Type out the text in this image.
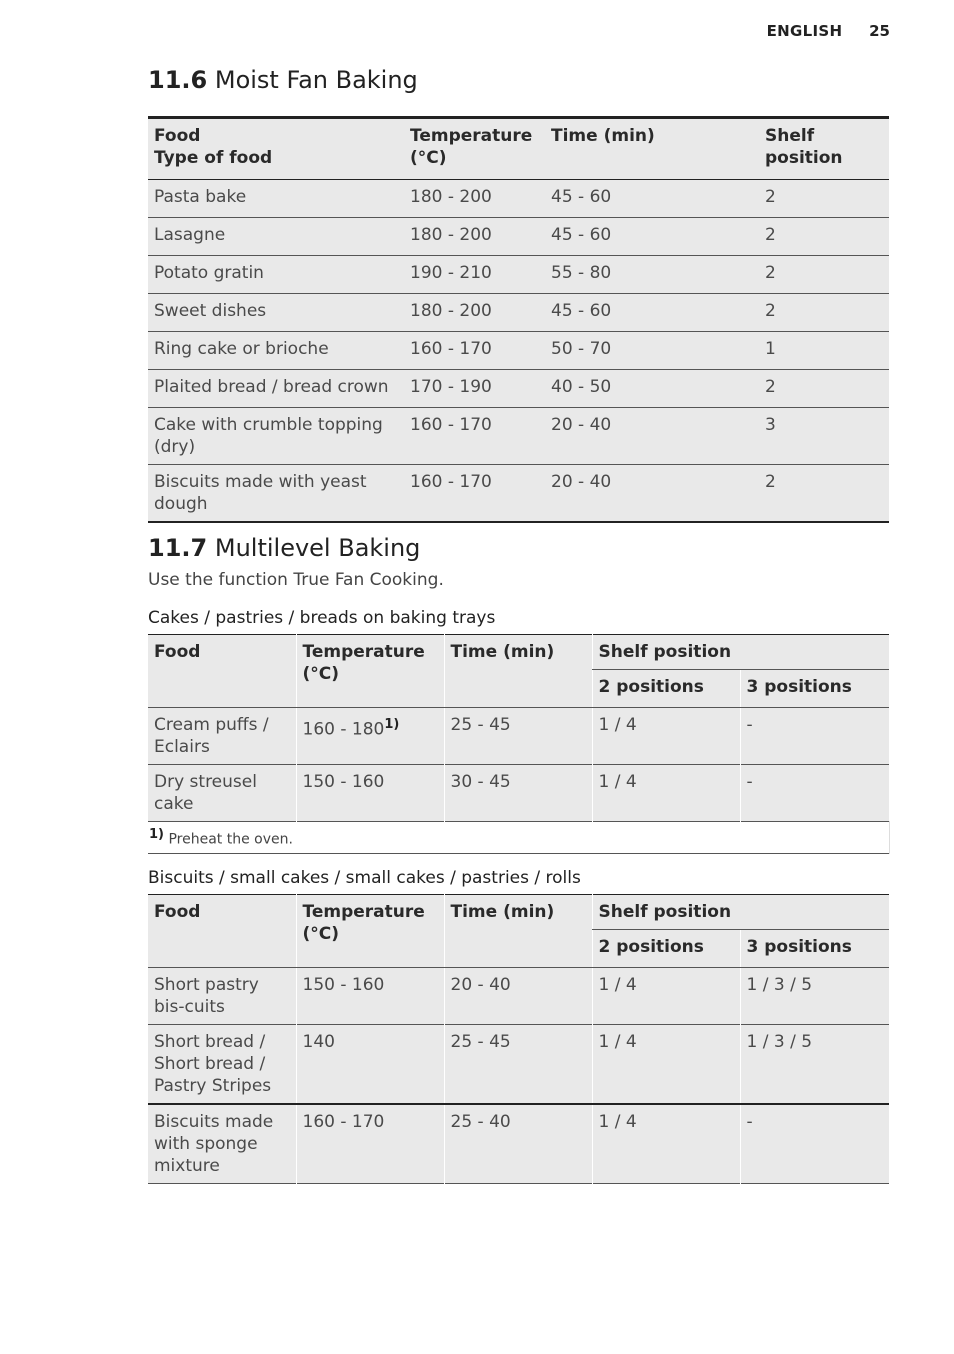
ENGLISH 25
11.6 Moist Fan Baking
Food
Type of food	Temperature (°C)	Time (min)	Shelf position
Pasta bake	180 - 200	45 - 60	2
Lasagne	180 - 200	45 - 60	2
Potato gratin	190 - 210	55 - 80	2
Sweet dishes	180 - 200	45 - 60	2
Ring cake or brioche	160 - 170	50 - 70	1
Plaited bread / bread crown	170 - 190	40 - 50	2
Cake with crumble topping (dry)	160 - 170	20 - 40	3
Biscuits made with yeast dough	160 - 170	20 - 40	2
11.7 Multilevel Baking

Use the function True Fan Cooking.

Cakes / pastries / breads on baking trays
Food	Temperature (°C)	Time (min)	Shelf position	
			2 positions	3 positions
Cream puffs / Eclairs	160 - 180$^{1)}$	25 - 45	1 / 4	-
Dry streusel cake	150 - 160	30 - 45	1 / 4	-
$^{1)}$ Preheat the oven.				
Biscuits / small cakes / small cakes / pastries / rolls
Food	Temperature (°C)	Time (min)	Shelf position	
			2 positions	3 positions
Short pastry bis-cuits	150 - 160	20 - 40	1 / 4	1 / 3 / 5
Short bread / Short bread / Pastry Stripes	140	25 - 45	1 / 4	1 / 3 / 5
Biscuits made with sponge mixture	160 - 170	25 - 40	1 / 4	-
